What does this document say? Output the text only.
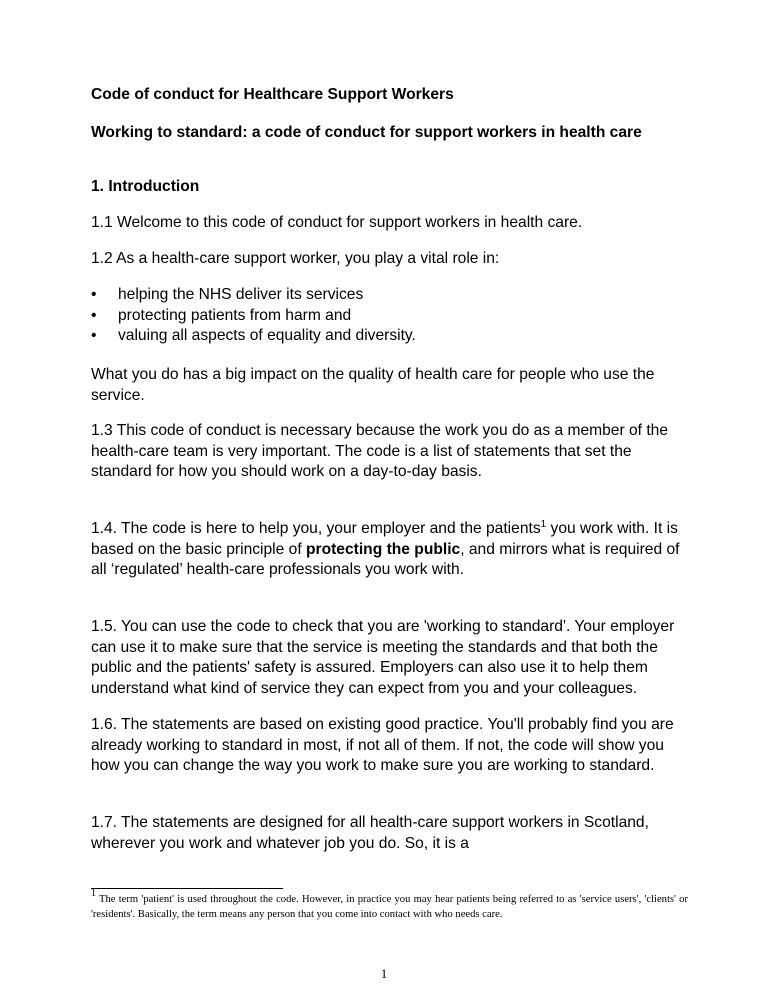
Code of conduct for Healthcare Support Workers

Working to standard: a code of conduct for support workers in health care

1. Introduction

1.1 Welcome to this code of conduct for support workers in health care.

1.2 As a health-care support worker, you play a vital role in:

• helping the NHS deliver its services
• protecting patients from harm and
• valuing all aspects of equality and diversity.

What you do has a big impact on the quality of health care for people who use the service.

1.3 This code of conduct is necessary because the work you do as a member of the health-care team is very important. The code is a list of statements that set the standard for how you should work on a day-to-day basis.

1.4. The code is here to help you, your employer and the patients$^1$ you work with. It is based on the basic principle of protecting the public, and mirrors what is required of all ‘regulated’ health-care professionals you work with.

1.5. You can use the code to check that you are 'working to standard'. Your employer can use it to make sure that the service is meeting the standards and that both the public and the patients' safety is assured. Employers can also use it to help them understand what kind of service they can expect from you and your colleagues.

1.6. The statements are based on existing good practice. You'll probably find you are already working to standard in most, if not all of them. If not, the code will show you how you can change the way you work to make sure you are working to standard.

1.7. The statements are designed for all health-care support workers in Scotland, wherever you work and whatever job you do. So, it is a

$^1$ The term 'patient' is used throughout the code. However, in practice you may hear patients being referred to as 'service users', 'clients' or 'residents'. Basically, the term means any person that you come into contact with who needs care.

1
